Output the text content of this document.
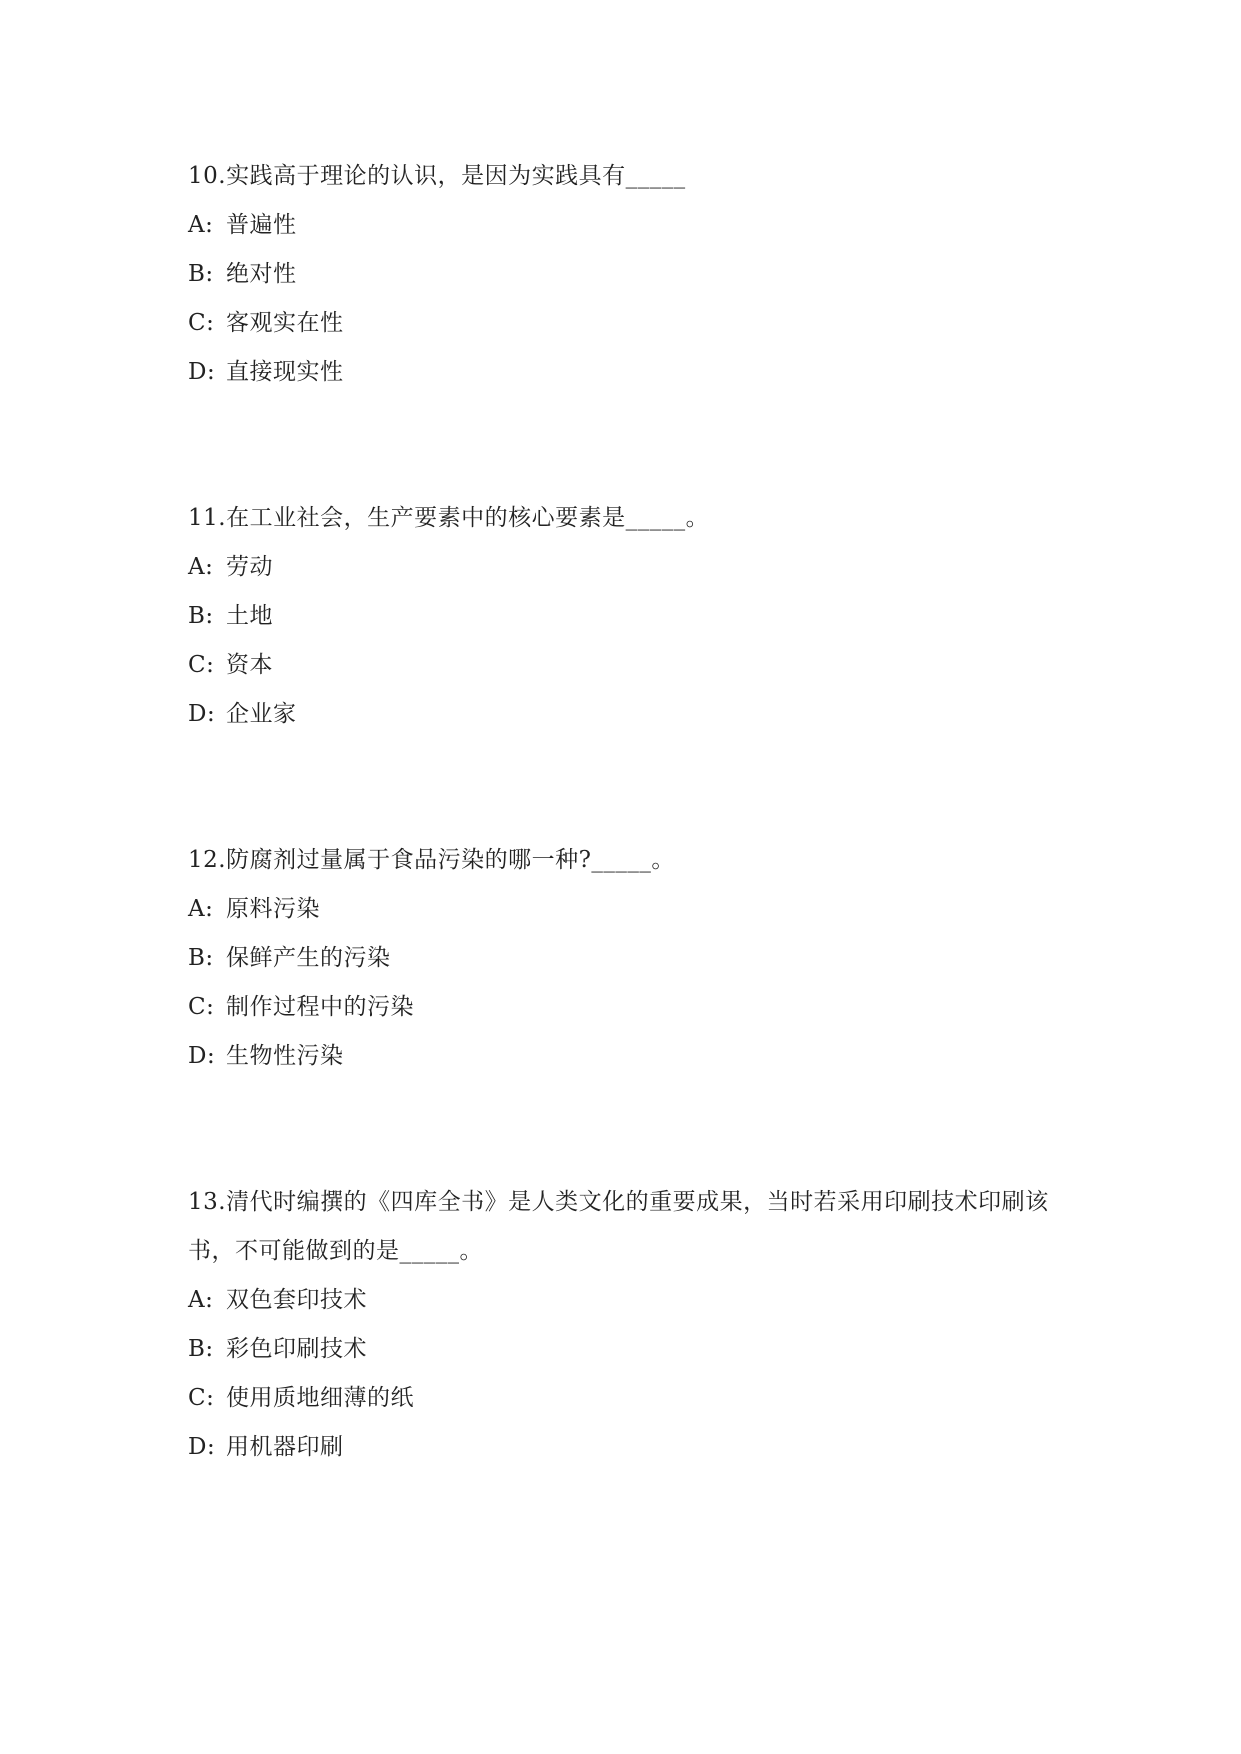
10.实践高于理论的认识，是因为实践具有_____

A: 普遍性

B: 绝对性

C: 客观实在性

D: 直接现实性

11.在工业社会，生产要素中的核心要素是_____。

A: 劳动

B: 土地

C: 资本

D: 企业家

12.防腐剂过量属于食品污染的哪一种?_____。

A: 原料污染

B: 保鲜产生的污染

C: 制作过程中的污染

D: 生物性污染

13.清代时编撰的《四库全书》是人类文化的重要成果，当时若采用印刷技术印刷该书，不可能做到的是_____。

A: 双色套印技术

B: 彩色印刷技术

C: 使用质地细薄的纸

D: 用机器印刷
